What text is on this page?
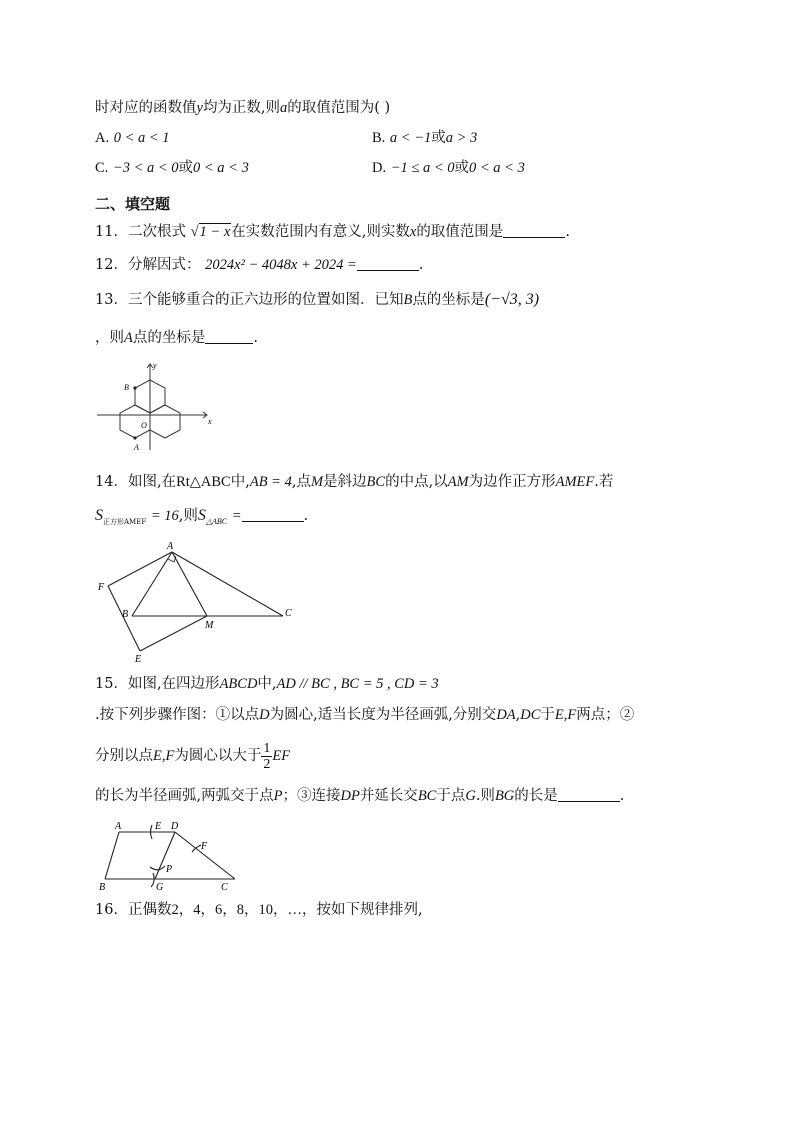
时对应的函数值y均为正数,则a的取值范围为( )
A. 0 < a < 1	B. a < −1或a > 3
C. −3 < a < 0或0 < a < 3	D. −1 ≤ a < 0或0 < a < 3
二、填空题
11．二次根式 √1 − x在实数范围内有意义,则实数x的取值范围是	.
12．分解因式： 2024x² − 4048x + 2024 =	.
13．三个能够重合的正六边形的位置如图．已知B点的坐标是(−√3, 3)
，则A点的坐标是	.
B
A
O	x
y
14．如图,在Rt△ABC中,AB = 4,点M是斜边BC的中点,以AM为边作正方形AMEF.若
$S_{正方形AMEF} = 16$,则$S_{\triangle ABC}$ =	.
A
F
B
M
C
E
15．如图,在四边形ABCD中,AD // BC , BC = 5 , CD = 3
.按下列步骤作图：①以点D为圆心,适当长度为半径画弧,分别交DA,DC于E,F两点；②
分别以点E,F为圆心以大于 $\frac{1}{2}$ EF
的长为半径画弧,两弧交于点P；③连接DP并延长交BC于点G.则BG的长是	.
A	E D
F
P
B	G	C
16．正偶数2，4，6，8，10，…，按如下规律排列,
